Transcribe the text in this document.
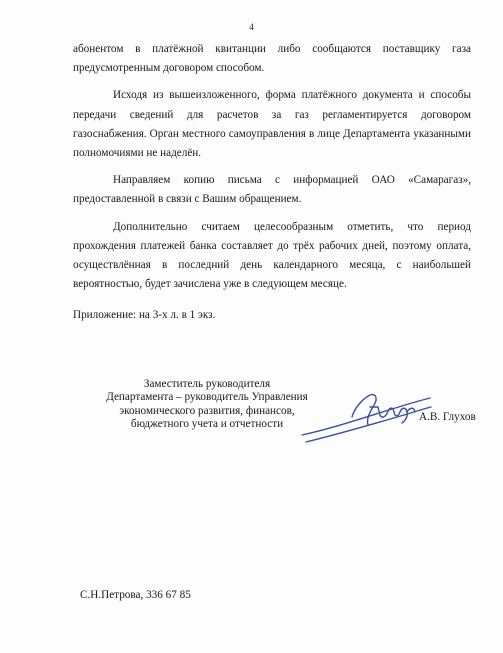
4

абонентом в платёжной квитанции либо сообщаются поставщику газа предусмотренным договором способом.

Исходя из вышеизложенного, форма платёжного документа и способы передачи сведений для расчетов за газ регламентируется договором газоснабжения. Орган местного самоуправления в лице Департамента указанными полномочиями не наделён.

Направляем копию письма с информацией ОАО «Самарагаз», предоставленной в связи с Вашим обращением.

Дополнительно считаем целесообразным отметить, что период прохождения платежей банка составляет до трёх рабочих дней, поэтому оплата, осуществлённая в последний день календарного месяца, с наибольшей вероятностью, будет зачислена уже в следующем месяце.

Приложение: на 3-х л. в 1 экз.
Заместитель руководителя
Департамента – руководитель Управления
экономического развития, финансов,
бюджетного учета и отчетности
А.В. Глухов
С.Н.Петрова, 336 67 85
